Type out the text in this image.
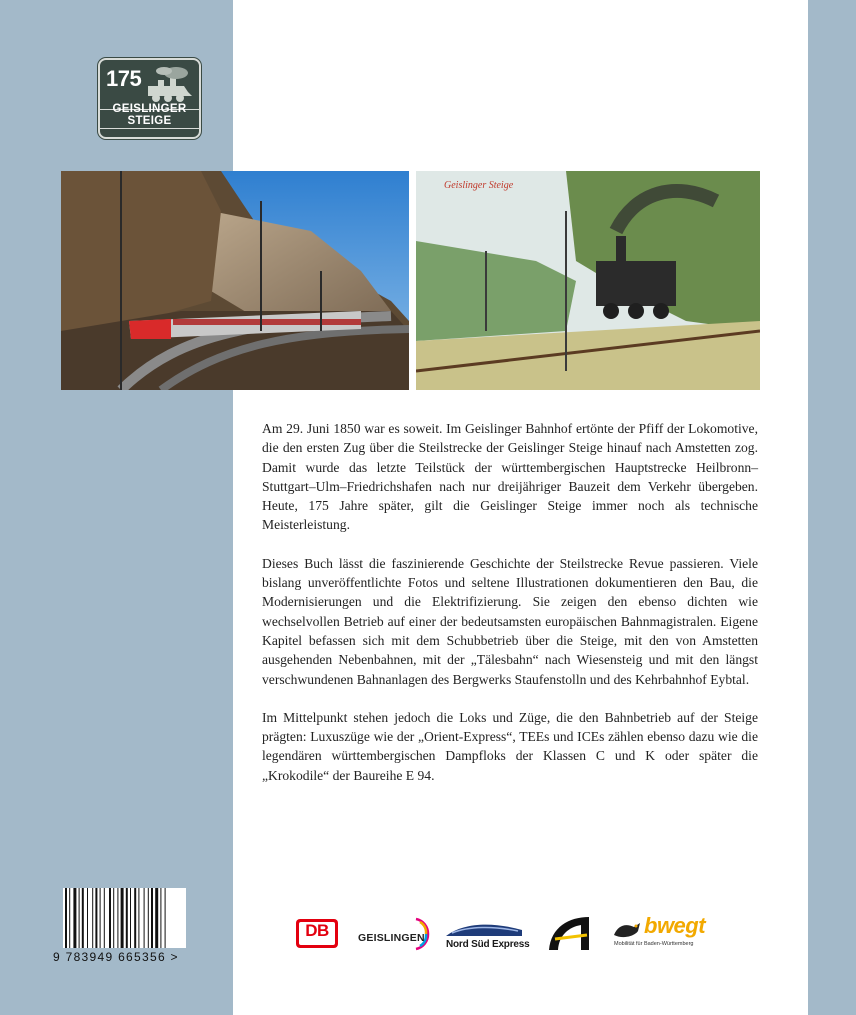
175
GEISLINGER STEIGE
Geislinger Steige

Am 29. Juni 1850 war es soweit. Im Geislinger Bahnhof ertönte der Pfiff der Lokomotive, die den ersten Zug über die Steilstrecke der Geislinger Steige hinauf nach Amstetten zog. Damit wurde das letzte Teilstück der württembergischen Hauptstrecke Heilbronn–Stuttgart–Ulm–Friedrichshafen nach nur dreijähriger Bauzeit dem Verkehr übergeben. Heute, 175 Jahre später, gilt die Geislinger Steige immer noch als technische Meisterleistung.

Dieses Buch lässt die faszinierende Geschichte der Steilstrecke Revue passieren. Viele bislang unveröffentlichte Fotos und seltene Illustrationen dokumentieren den Bau, die Modernisierungen und die Elektrifizierung. Sie zeigen den ebenso dichten wie wechselvollen Betrieb auf einer der bedeutsamsten europäischen Bahnmagistralen. Eigene Kapitel befassen sich mit dem Schubbetrieb über die Steige, mit den von Amstetten ausgehenden Nebenbahnen, mit der „Tälesbahn“ nach Wiesensteig und mit den längst verschwundenen Bahnanlagen des Bergwerks Staufenstolln und des Kehrbahnhof Eybtal.

Im Mittelpunkt stehen jedoch die Loks und Züge, die den Bahnbetrieb auf der Steige prägten: Luxuszüge wie der „Orient-Express“, TEEs und ICEs zählen ebenso dazu wie die legendären württembergischen Dampfloks der Klassen C und K oder später die „Krokodile“ der Baureihe E 94.

9 783949 665356 >
DB	GEISLINGEN
Nord Süd Express
bwegt
Mobilität für Baden-Württemberg
